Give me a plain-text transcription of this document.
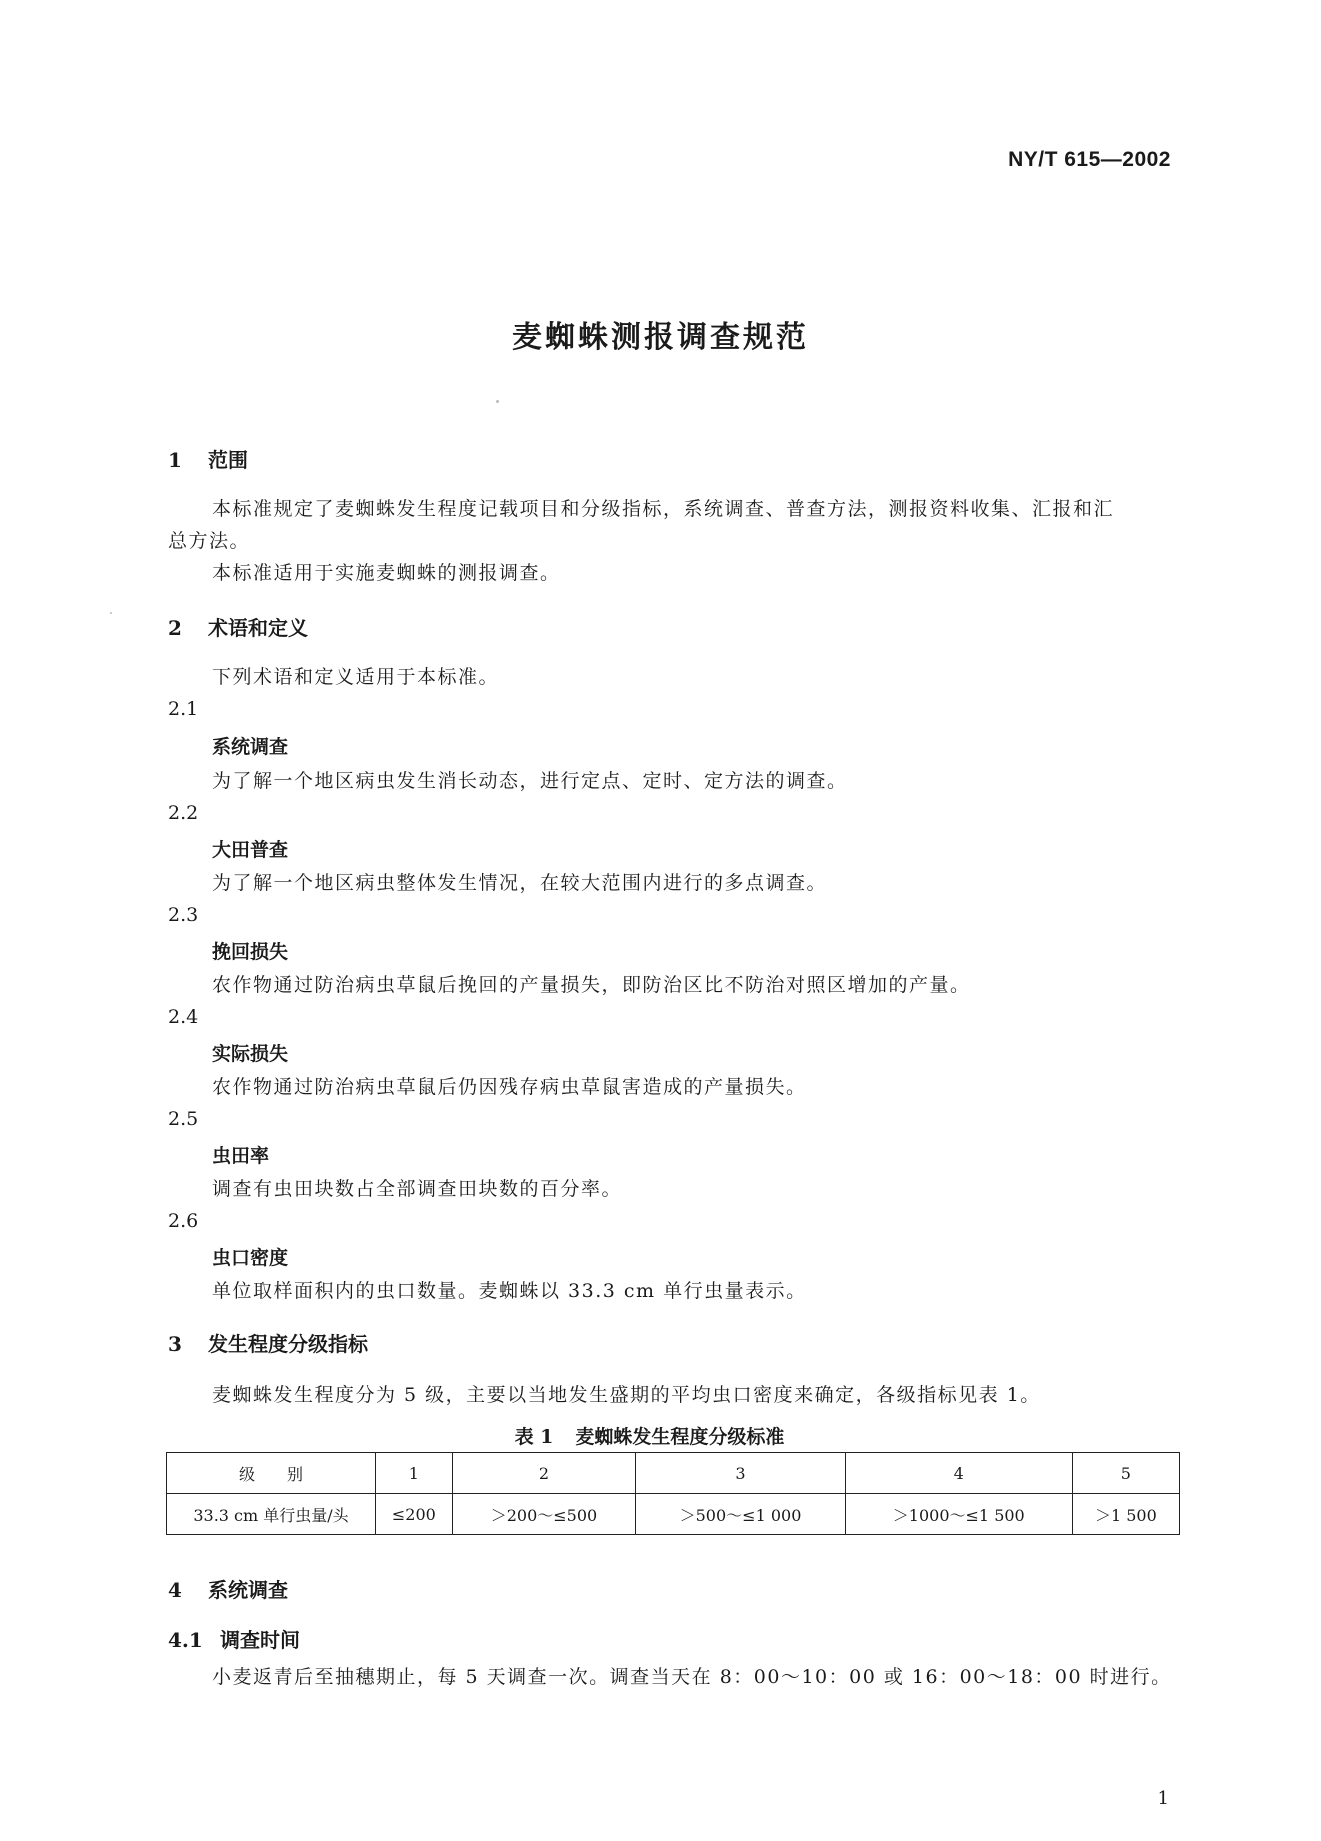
NY/T 615—2002
麦蜘蛛测报调查规范
1 范围
本标准规定了麦蜘蛛发生程度记载项目和分级指标，系统调查、普查方法，测报资料收集、汇报和汇
总方法。
本标准适用于实施麦蜘蛛的测报调查。
2 术语和定义
下列术语和定义适用于本标准。
2.1
系统调查
为了解一个地区病虫发生消长动态，进行定点、定时、定方法的调查。
2.2
大田普查
为了解一个地区病虫整体发生情况，在较大范围内进行的多点调查。
2.3
挽回损失
农作物通过防治病虫草鼠后挽回的产量损失，即防治区比不防治对照区增加的产量。
2.4
实际损失
农作物通过防治病虫草鼠后仍因残存病虫草鼠害造成的产量损失。
2.5
虫田率
调查有虫田块数占全部调查田块数的百分率。
2.6
虫口密度
单位取样面积内的虫口数量。麦蜘蛛以 33.3 cm 单行虫量表示。
3 发生程度分级指标
麦蜘蛛发生程度分为 5 级，主要以当地发生盛期的平均虫口密度来确定，各级指标见表 1。
表 1 麦蜘蛛发生程度分级标准
级　　别	1	2	3	4	5
33.3 cm 单行虫量/头	≤200	＞200～≤500	＞500～≤1 000	＞1000～≤1 500	＞1 500
4 系统调查
4.1 调查时间
小麦返青后至抽穗期止，每 5 天调查一次。调查当天在 8：00～10：00 或 16：00～18：00 时进行。
1
